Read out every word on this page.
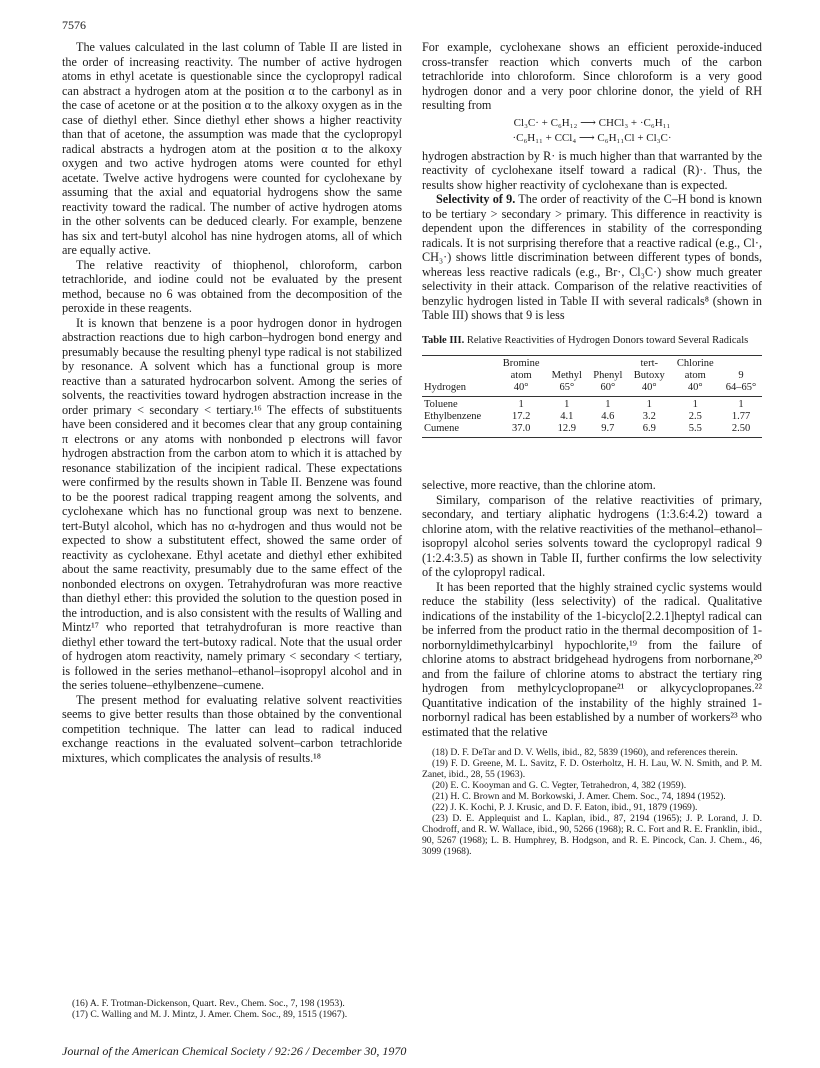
7576

The values calculated in the last column of Table II are listed in the order of increasing reactivity. The number of active hydrogen atoms in ethyl acetate is questionable since the cyclopropyl radical can abstract a hydrogen atom at the position α to the carbonyl as in the case of acetone or at the position α to the alkoxy oxygen as in the case of diethyl ether. Since diethyl ether shows a higher reactivity than that of acetone, the assumption was made that the cyclopropyl radical abstracts a hydrogen atom at the position α to the alkoxy oxygen and two active hydrogen atoms were counted for ethyl acetate. Twelve active hydrogens were counted for cyclohexane by assuming that the axial and equatorial hydrogens show the same reactivity toward the radical. The number of active hydrogen atoms in the other solvents can be deduced clearly. For example, benzene has six and tert-butyl alcohol has nine hydrogen atoms, all of which are equally active.

The relative reactivity of thiophenol, chloroform, carbon tetrachloride, and iodine could not be evaluated by the present method, because no 6 was obtained from the decomposition of the peroxide in these reagents.

It is known that benzene is a poor hydrogen donor in hydrogen abstraction reactions due to high carbon–hydrogen bond energy and presumably because the resulting phenyl type radical is not stabilized by resonance. A solvent which has a functional group is more reactive than a saturated hydrocarbon solvent. Among the series of solvents, the reactivities toward hydrogen abstraction increase in the order primary < secondary < tertiary.¹⁶ The effects of substituents have been considered and it becomes clear that any group containing π electrons or any atoms with nonbonded p electrons will favor hydrogen abstraction from the carbon atom to which it is attached by resonance stabilization of the incipient radical. These expectations were confirmed by the results shown in Table II. Benzene was found to be the poorest radical trapping reagent among the solvents, and cyclohexane which has no functional group was next to benzene. tert-Butyl alcohol, which has no α-hydrogen and thus would not be expected to show a substitutent effect, showed the same order of reactivity as cyclohexane. Ethyl acetate and diethyl ether exhibited about the same reactivity, presumably due to the same effect of the nonbonded electrons on oxygen. Tetrahydrofuran was more reactive than diethyl ether: this provided the solution to the question posed in the introduction, and is also consistent with the results of Walling and Mintz¹⁷ who reported that tetrahydrofuran is more reactive than diethyl ether toward the tert-butoxy radical. Note that the usual order of hydrogen atom reactivity, namely primary < secondary < tertiary, is followed in the series methanol–ethanol–isopropyl alcohol and in the series toluene–ethylbenzene–cumene.

The present method for evaluating relative solvent reactivities seems to give better results than those obtained by the conventional competition technique. The latter can lead to radical induced exchange reactions in the evaluated solvent–carbon tetrachloride mixtures, which complicates the analysis of results.¹⁸

(16) A. F. Trotman-Dickenson, Quart. Rev., Chem. Soc., 7, 198 (1953).

(17) C. Walling and M. J. Mintz, J. Amer. Chem. Soc., 89, 1515 (1967).

For example, cyclohexane shows an efficient peroxide-induced cross-transfer reaction which converts much of the carbon tetrachloride into chloroform. Since chloroform is a very good hydrogen donor and a very poor chlorine donor, the yield of RH resulting from

Cl₃C· + C₆H₁₂ ⟶ CHCl₃ + ·C₆H₁₁
·C₆H₁₁ + CCl₄ ⟶ C₆H₁₁Cl + Cl₃C·

hydrogen abstraction by R· is much higher than that warranted by the reactivity of cyclohexane itself toward a radical (R)·. Thus, the results show higher reactivity of cyclohexane than is expected.

Selectivity of 9. The order of reactivity of the C–H bond is known to be tertiary > secondary > primary. This difference in reactivity is dependent upon the differences in stability of the corresponding radicals. It is not surprising therefore that a reactive radical (e.g., Cl·, CH₃·) shows little discrimination between different types of bonds, whereas less reactive radicals (e.g., Br·, Cl₃C·) show much greater selectivity in their attack. Comparison of the relative reactivities of benzylic hydrogen listed in Table II with several radicals⁸ (shown in Table III) shows that 9 is less

Table III. Relative Reactivities of Hydrogen Donors toward Several Radicals
	Bromine			tert-	Chlorine	
	atom	Methyl	Phenyl	Butoxy	atom	9
Hydrogen	40°	65°	60°	40°	40°	64–65°
Toluene	1	1	1	1	1	1
Ethylbenzene	17.2	4.1	4.6	3.2	2.5	1.77
Cumene	37.0	12.9	9.7	6.9	5.5	2.50

selective, more reactive, than the chlorine atom.

Similary, comparison of the relative reactivities of primary, secondary, and tertiary aliphatic hydrogens (1:3.6:4.2) toward a chlorine atom, with the relative reactivities of the methanol–ethanol–isopropyl alcohol series solvents toward the cyclopropyl radical 9 (1:2.4:3.5) as shown in Table II, further confirms the low selectivity of the cylopropyl radical.

It has been reported that the highly strained cyclic systems would reduce the stability (less selectivity) of the radical. Qualitative indications of the instability of the 1-bicyclo[2.2.1]heptyl radical can be inferred from the product ratio in the thermal decomposition of 1-norbornyldimethylcarbinyl hypochlorite,¹⁹ from the failure of chlorine atoms to abstract bridgehead hydrogens from norbornane,²⁰ and from the failure of chlorine atoms to abstract the tertiary ring hydrogen from methylcyclopropane²¹ or alkycyclopropanes.²² Quantitative indication of the instability of the highly strained 1-norbornyl radical has been established by a number of workers²³ who estimated that the relative

(18) D. F. DeTar and D. V. Wells, ibid., 82, 5839 (1960), and references therein.

(19) F. D. Greene, M. L. Savitz, F. D. Osterholtz, H. H. Lau, W. N. Smith, and P. M. Zanet, ibid., 28, 55 (1963).

(20) E. C. Kooyman and G. C. Vegter, Tetrahedron, 4, 382 (1959).

(21) H. C. Brown and M. Borkowski, J. Amer. Chem. Soc., 74, 1894 (1952).

(22) J. K. Kochi, P. J. Krusic, and D. F. Eaton, ibid., 91, 1879 (1969).

(23) D. E. Applequist and L. Kaplan, ibid., 87, 2194 (1965); J. P. Lorand, J. D. Chodroff, and R. W. Wallace, ibid., 90, 5266 (1968); R. C. Fort and R. E. Franklin, ibid., 90, 5267 (1968); L. B. Humphrey, B. Hodgson, and R. E. Pincock, Can. J. Chem., 46, 3099 (1968).

Journal of the American Chemical Society / 92:26 / December 30, 1970
